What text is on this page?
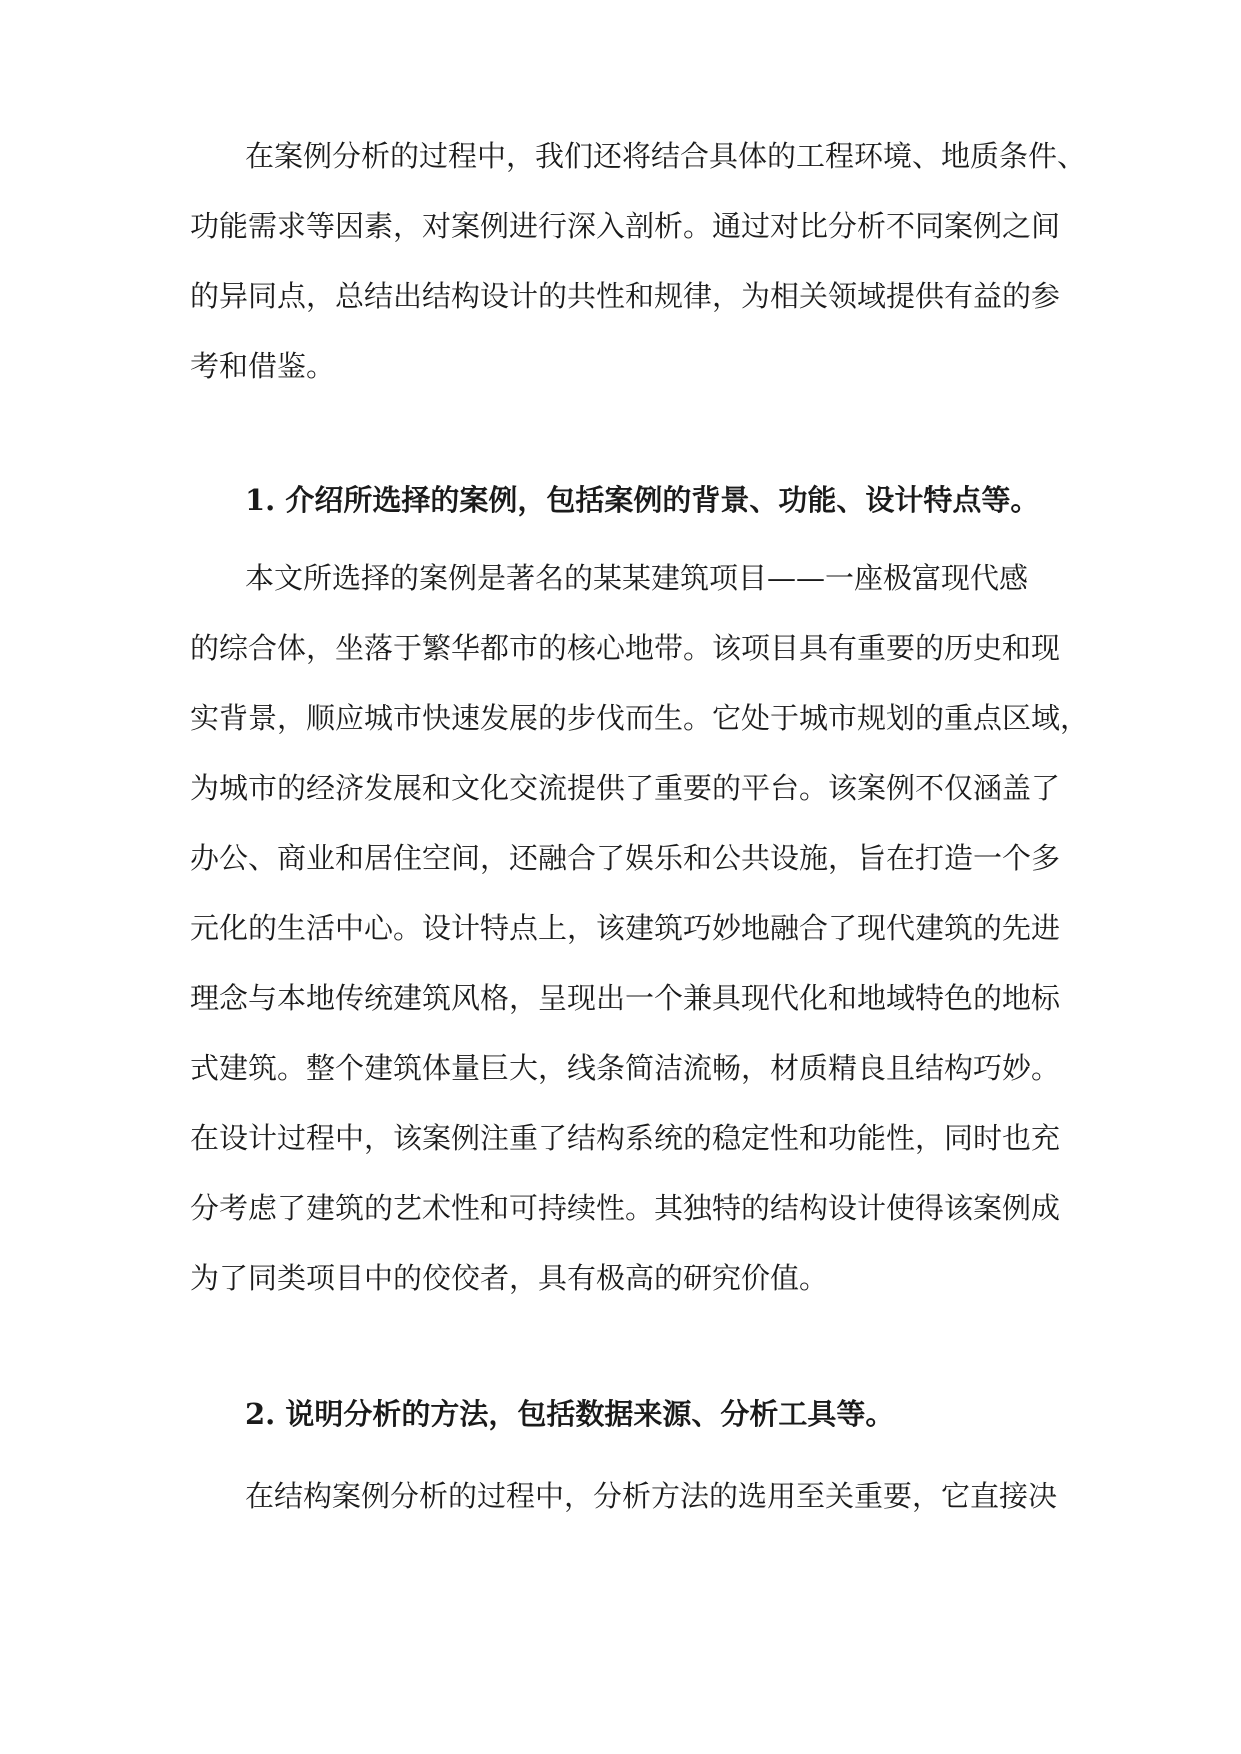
在案例分析的过程中，我们还将结合具体的工程环境、地质条件、
功能需求等因素，对案例进行深入剖析。通过对比分析不同案例之间
的异同点，总结出结构设计的共性和规律，为相关领域提供有益的参
考和借鉴。
1. 介绍所选择的案例，包括案例的背景、功能、设计特点等。
本文所选择的案例是著名的某某建筑项目——一座极富现代感
的综合体，坐落于繁华都市的核心地带。该项目具有重要的历史和现
实背景，顺应城市快速发展的步伐而生。它处于城市规划的重点区域，
为城市的经济发展和文化交流提供了重要的平台。该案例不仅涵盖了
办公、商业和居住空间，还融合了娱乐和公共设施，旨在打造一个多
元化的生活中心。设计特点上，该建筑巧妙地融合了现代建筑的先进
理念与本地传统建筑风格，呈现出一个兼具现代化和地域特色的地标
式建筑。整个建筑体量巨大，线条简洁流畅，材质精良且结构巧妙。
在设计过程中，该案例注重了结构系统的稳定性和功能性，同时也充
分考虑了建筑的艺术性和可持续性。其独特的结构设计使得该案例成
为了同类项目中的佼佼者，具有极高的研究价值。
2. 说明分析的方法，包括数据来源、分析工具等。
在结构案例分析的过程中，分析方法的选用至关重要，它直接决
